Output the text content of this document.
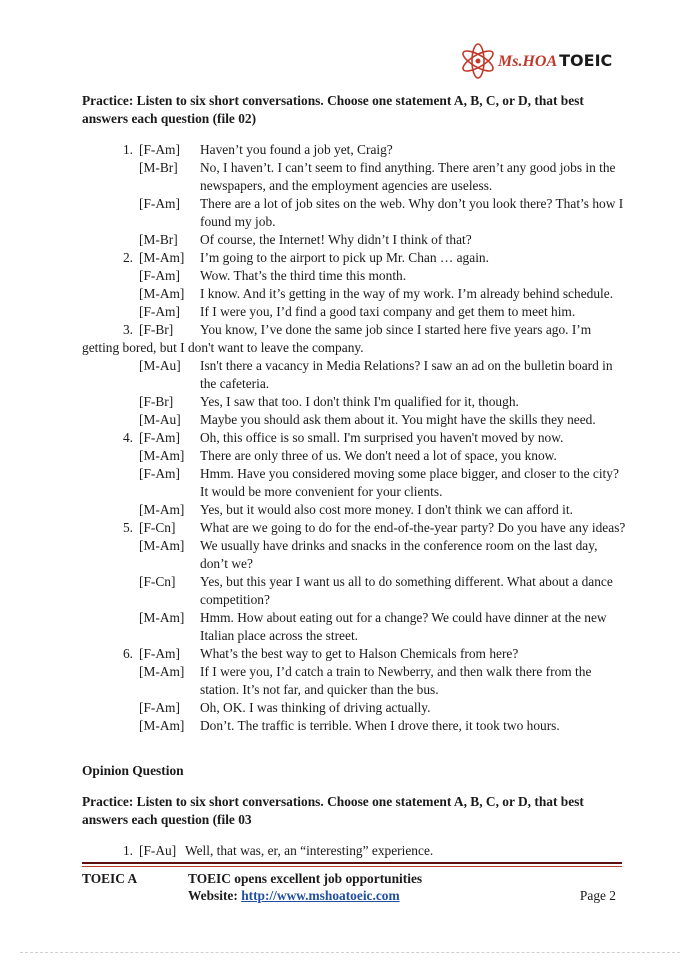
Ms.HOA TOEIC
Practice: Listen to six short conversations. Choose one statement A, B, C, or D, that best answers each question (file 02)
1. [F-Am]	Haven’t you found a job yet, Craig?
[M-Br]	No, I haven’t. I can’t seem to find anything. There aren’t any good jobs in the newspapers, and the employment agencies are useless.
[F-Am]	There are a lot of job sites on the web. Why don’t you look there? That’s how I found my job.
[M-Br]	Of course, the Internet! Why didn’t I think of that?
2. [M-Am]	I’m going to the airport to pick up Mr. Chan … again.
[F-Am]	Wow. That’s the third time this month.
[M-Am]	I know. And it’s getting in the way of my work. I’m already behind schedule.
[F-Am]	If I were you, I’d find a good taxi company and get them to meet him.
3. [F-Br] You know, I’ve done the same job since I started here five years ago. I’m getting bored, but I don't want to leave the company.
[M-Au]	Isn't there a vacancy in Media Relations? I saw an ad on the bulletin board in the cafeteria.
[F-Br]	Yes, I saw that too. I don't think I'm qualified for it, though.
[M-Au]	Maybe you should ask them about it. You might have the skills they need.
4. [F-Am]	Oh, this office is so small. I'm surprised you haven't moved by now.
[M-Am]	There are only three of us. We don't need a lot of space, you know.
[F-Am]	Hmm. Have you considered moving some place bigger, and closer to the city? It would be more convenient for your clients.
[M-Am]	Yes, but it would also cost more money. I don't think we can afford it.
5. [F-Cn] What are we going to do for the end-of-the-year party? Do you have any ideas?
[M-Am]	We usually have drinks and snacks in the conference room on the last day, don’t we?
[F-Cn]	Yes, but this year I want us all to do something different. What about a dance competition?
[M-Am]	Hmm. How about eating out for a change? We could have dinner at the new Italian place across the street.
6. [F-Am]	What’s the best way to get to Halson Chemicals from here?
[M-Am]	If I were you, I’d catch a train to Newberry, and then walk there from the station. It’s not far, and quicker than the bus.
[F-Am]	Oh, OK. I was thinking of driving actually.
[M-Am]	Don’t. The traffic is terrible. When I drove there, it took two hours.
Opinion Question
Practice: Listen to six short conversations. Choose one statement A, B, C, or D, that best answers each question (file 03
1. [F-Au] Well, that was, er, an “interesting” experience.
TOEIC A	TOEIC opens excellent job opportunities
Website: http://www.mshoatoeic.com	Page 2
